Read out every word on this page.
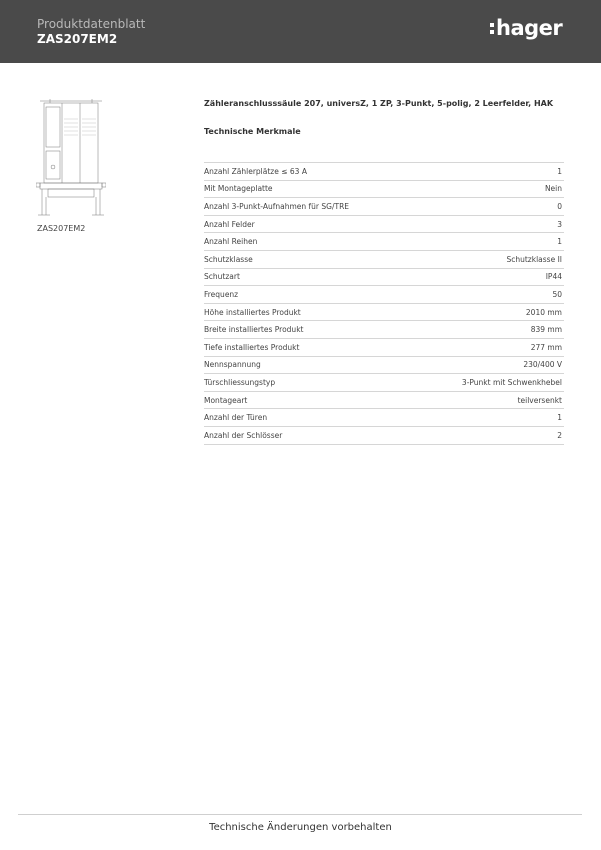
Produktdatenblatt
ZAS207EM2	hager
ZAS207EM2
Zähleranschlusssäule 207, universZ, 1 ZP, 3-Punkt, 5-polig, 2 Leerfelder, HAK
Technische Merkmale
Anzahl Zählerplätze ≤ 63 A	1
Mit Montageplatte	Nein
Anzahl 3-Punkt-Aufnahmen für SG/TRE	0
Anzahl Felder	3
Anzahl Reihen	1
Schutzklasse	Schutzklasse II
Schutzart	IP44
Frequenz	50
Höhe installiertes Produkt	2010 mm
Breite installiertes Produkt	839 mm
Tiefe installiertes Produkt	277 mm
Nennspannung	230/400 V
Türschliessungstyp	3-Punkt mit Schwenkhebel
Montageart	teilversenkt
Anzahl der Türen	1
Anzahl der Schlösser	2
Technische Änderungen vorbehalten
